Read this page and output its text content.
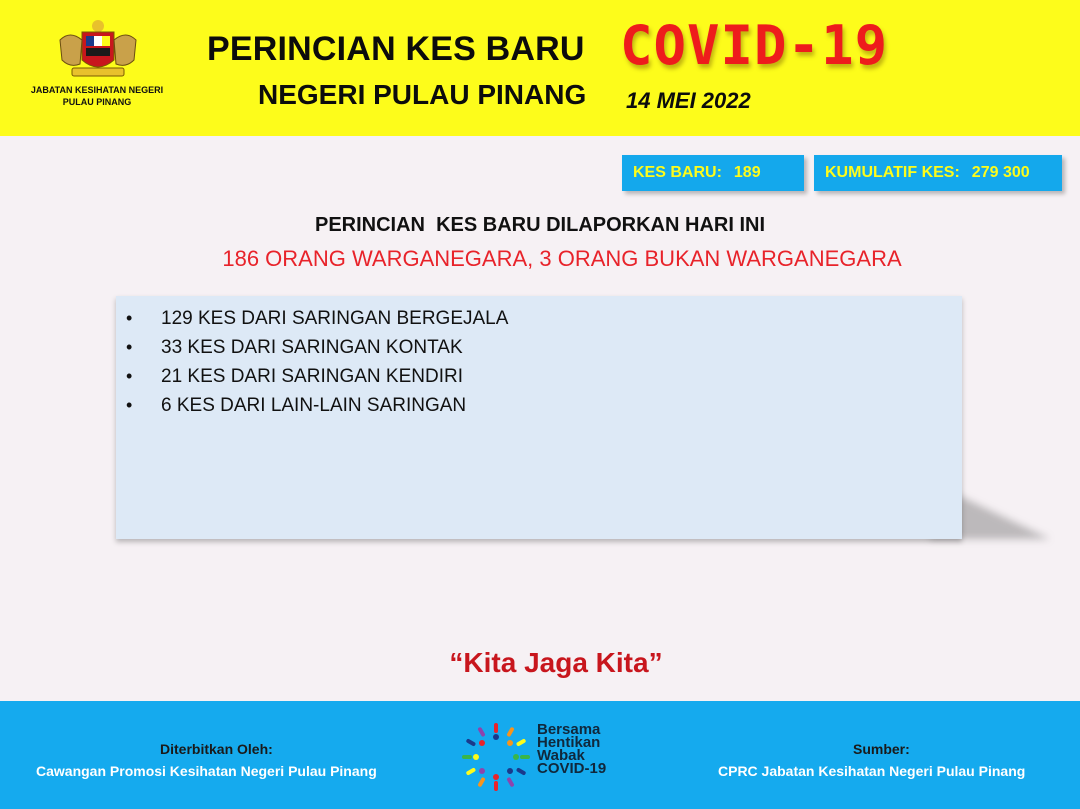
JABATAN KESIHATAN NEGERI
PULAU PINANG
PERINCIAN KES BARU COVID-19
NEGERI PULAU PINANG 14 MEI 2022
KES BARU: 189	KUMULATIF KES: 279 300
PERINCIAN  KES BARU DILAPORKAN HARI INI
186 ORANG WARGANEGARA, 3 ORANG BUKAN WARGANEGARA
• 129 KES DARI SARINGAN BERGEJALA
• 33 KES DARI SARINGAN KONTAK
• 21 KES DARI SARINGAN KENDIRI
• 6 KES DARI LAIN-LAIN SARINGAN
“Kita Jaga Kita”
Diterbitkan Oleh:
Cawangan Promosi Kesihatan Negeri Pulau Pinang
Bersama
Hentikan
Wabak
COVID-19
Sumber:
CPRC Jabatan Kesihatan Negeri Pulau Pinang
